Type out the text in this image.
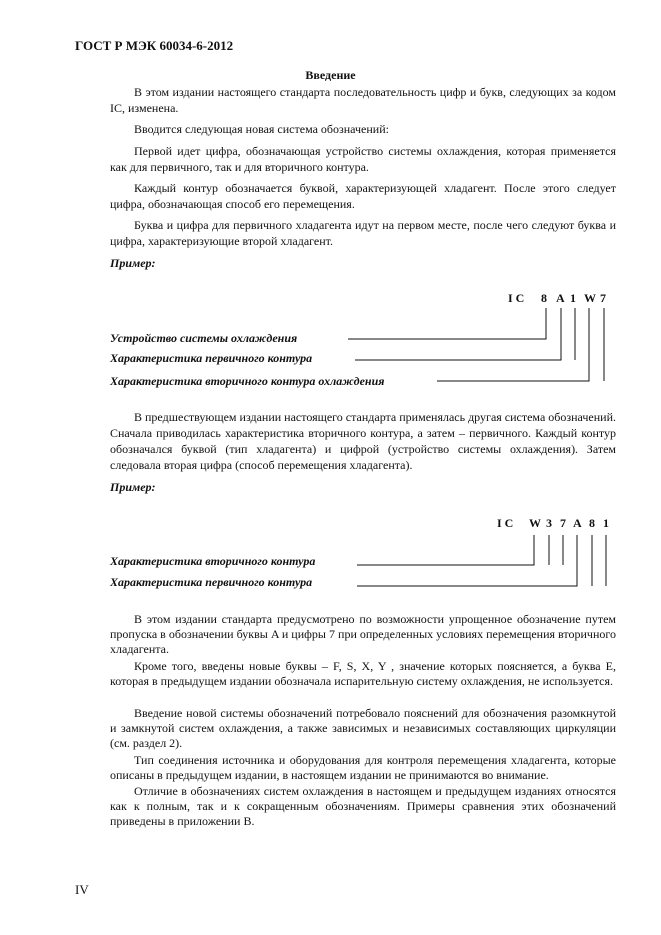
ГОСТ Р МЭК 60034-6-2012
Введение

В этом издании настоящего стандарта последовательность цифр и букв, следующих за кодом IC, изменена.

Вводится следующая новая система обозначений:

Первой идет цифра, обозначающая устройство системы охлаждения, которая применяется как для первичного, так и для вторичного контура.

Каждый контур обозначается буквой, характеризующей хладагент. После этого следует цифра, обозначающая способ его перемещения.

Буква и цифра для первичного хладагента идут на первом месте, после чего следуют буква и цифра, характеризующие второй хладагент.

Пример:
I C 8 A 1 W 7
Устройство системы охлаждения
Характеристика первичного контура
Характеристика вторичного контура охлаждения

В предшествующем издании настоящего стандарта применялась другая система обозначений. Сначала приводилась характеристика вторичного контура, а затем – первичного. Каждый контур обозначался буквой (тип хладагента) и цифрой (устройство системы охлаждения). Затем следовала вторая цифра (способ перемещения хладагента).

Пример:
I C W 3 7 A 8 1
Характеристика вторичного контура
Характеристика первичного контура

В этом издании стандарта предусмотрено по возможности упрощенное обозначение путем пропуска в обозначении буквы A и цифры 7 при определенных условиях перемещения вторичного хладагента.

Кроме того, введены новые буквы – F, S, X, Y , значение которых поясняется, а буква E, которая в предыдущем издании обозначала испарительную систему охлаждения, не используется.

Введение новой системы обозначений потребовало пояснений для обозначения разомкнутой и замкнутой систем охлаждения, а также зависимых и независимых составляющих циркуляции (см. раздел 2).

Тип соединения источника и оборудования для контроля перемещения хладагента, которые описаны в предыдущем издании, в настоящем издании не принимаются во внимание.

Отличие в обозначениях систем охлаждения в настоящем и предыдущем изданиях относятся как к полным, так и к сокращенным обозначениям. Примеры сравнения этих обозначений приведены в приложении B.

IV
